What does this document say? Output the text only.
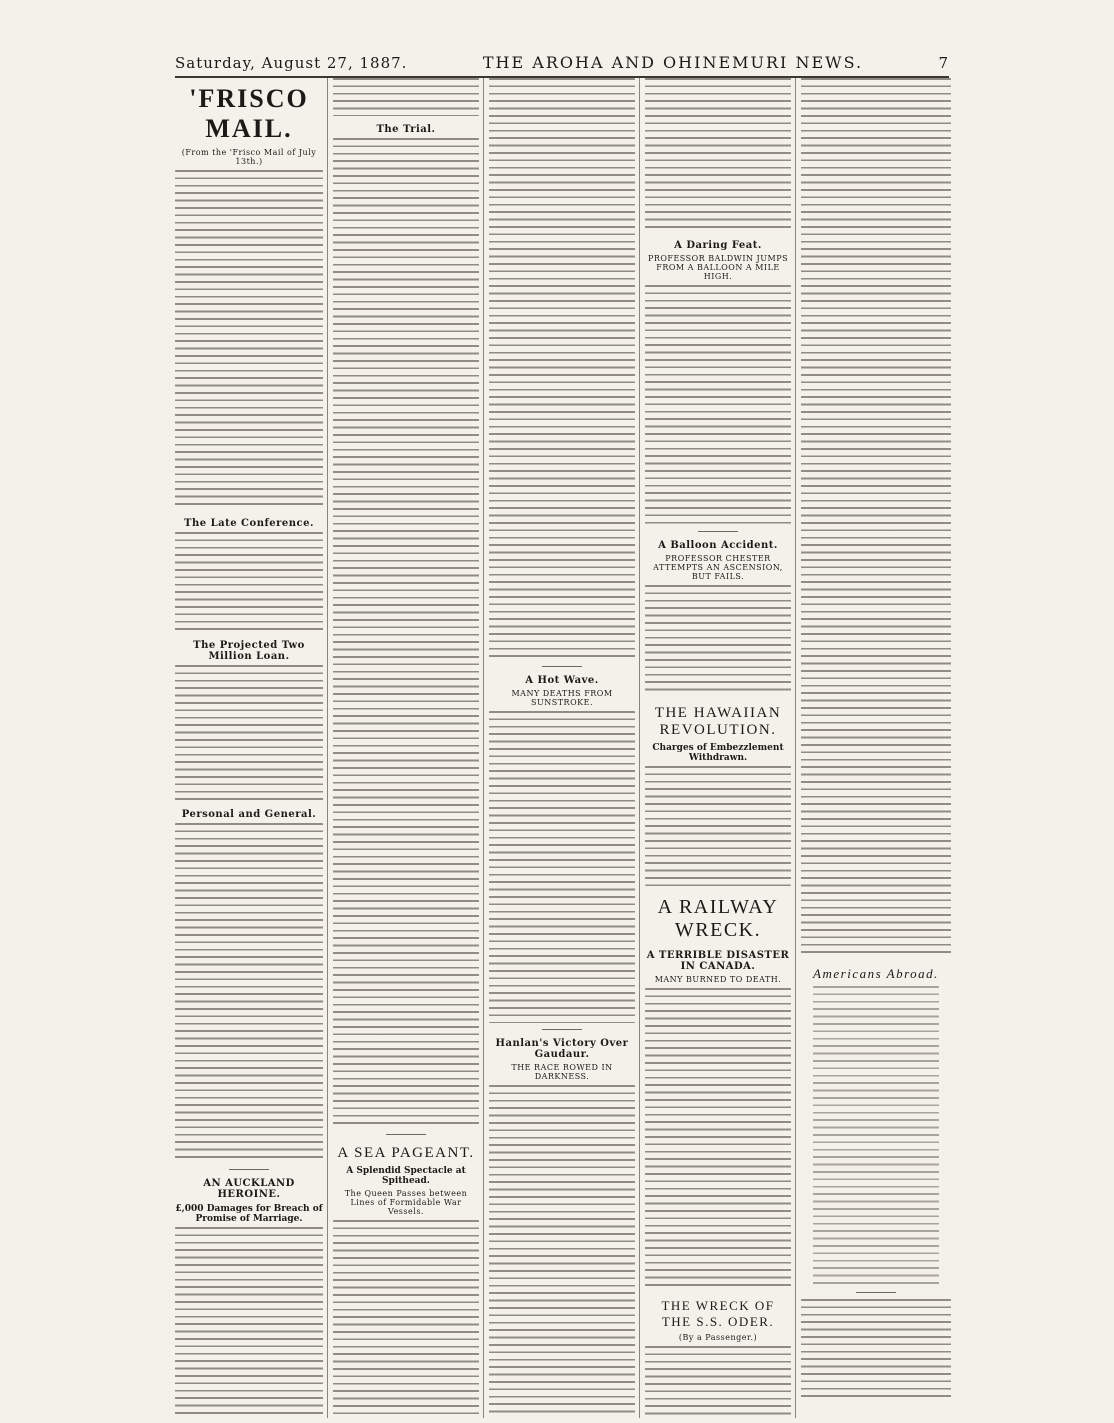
Saturday, August 27, 1887.	THE AROHA AND OHINEMURI NEWS.	7
'FRISCO MAIL.
(From the 'Frisco Mail of July 13th.)
The Late Conference.
The Projected Two Million Loan.
Personal and General.
AN AUCKLAND HEROINE.
£,000 Damages for Breach of Promise of Marriage.
The Trial.
A SEA PAGEANT.
A Splendid Spectacle at Spithead.
The Queen Passes between Lines of Formidable War Vessels.
A Hot Wave.
MANY DEATHS FROM SUNSTROKE.
Hanlan's Victory Over Gaudaur.
THE RACE ROWED IN DARKNESS.
A Daring Feat.
PROFESSOR BALDWIN JUMPS FROM A BALLOON A MILE HIGH.
A Balloon Accident.
PROFESSOR CHESTER ATTEMPTS AN ASCENSION, BUT FAILS.
THE HAWAIIAN REVOLUTION.
Charges of Embezzlement Withdrawn.
A RAILWAY WRECK.
A TERRIBLE DISASTER IN CANADA.
MANY BURNED TO DEATH.
THE WRECK OF THE S.S. ODER.
(By a Passenger.)
Americans Abroad.
